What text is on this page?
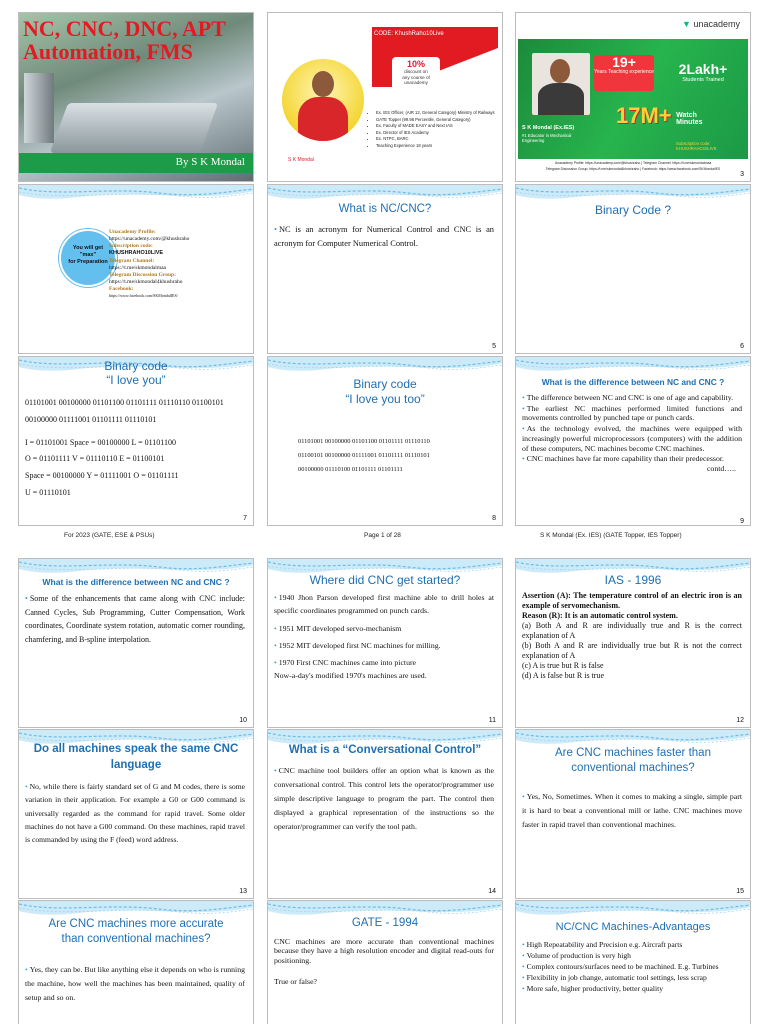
NC, CNC, DNC, APT
Automation, FMS
By S K Mondal
CODE: KhushRaho10Live
10%
discount on
any course of
unacademy
S K Mondal
• Ex. IES Officer, (AIR 12, General Category) Ministry of Railways
• GATE Topper (99.98 Percentile, General Category)
• Ex. Faculty of MADE EASY and Next IAS
• Ex. Director of IES Academy
• Ex. NTPC, BARC
• Teaching Experience 18 years
▼ unacademy
19+
Years Teaching experience	2Lakh+
Students Trained
17M+ Watch Minutes
S K Mondal (Ex.IES)
#1 Educator in Mechanical Engineering
Subscription code: KHUSHRAHO10LIVE
Unacademy Profile: https://unacademy.com/@khushraho | Telegram Channel: https://t.me/skmondalmaa
Telegram Discussion Group: https://t.me/skmondal4khushraho | Facebook: https://www.facebook.com/SKMondalIES
3
You will get
"max"
for Preparation
Unacademy Profile:
https://unacademy.com/@khushraho
Subscription code:
KHUSHRAHO10LIVE
Telegram Channel:
https://t.me/skmondalmaa
Telegram Discussion Group:
https://t.me/skmondal4khushraho
Facebook:
https://www.facebook.com/SKMondalIES/
What is NC/CNC?

• NC is an acronym for Numerical Control and CNC is an acronym for Computer Numerical Control.

5
Binary Code ?
6
Binary code
“I love you”

01101001 00100000 01101100 01101111 01110110 01100101

00100000 01111001 01101111 01110101

I = 01101001 Space = 00100000 L = 01101100

O = 01101111 V = 01110110 E = 01100101

Space = 00100000 Y = 01111001 O = 01101111

U = 01110101

7
Binary code
“I love you too”

01101001 00100000 01101100 01101111 01110110

01100101 00100000 01111001 01101111 01110101

00100000 01110100 01101111 01101111

8
What is the difference between NC and CNC ?

• The difference between NC and CNC is one of age and capability.

• The earliest NC machines performed limited functions and movements controlled by punched tape or punch cards.

• As the technology evolved, the machines were equipped with increasingly powerful microprocessors (computers) with the addition of these computers, NC machines become CNC machines.

• CNC machines have far more capability than their predecessor.

contd…..

9
For 2023 (GATE, ESE & PSUs)	Page 1 of 28	S K Mondal (Ex. IES) (GATE Topper, IES Topper)
What is the difference between NC and CNC ?

• Some of the enhancements that came along with CNC include: Canned Cycles, Sub Programming, Cutter Compensation, Work coordinates, Coordinate system rotation, automatic corner rounding, chamfering, and B-spline interpolation.

10
Where did CNC get started?

• 1940 Jhon Parson developed first machine able to drill holes at specific coordinates programmed on punch cards.

• 1951 MIT developed servo-mechanism

• 1952 MIT developed first NC machines for milling.

• 1970 First CNC machines came into picture

Now-a-day's modified 1970's machines are used.

11
IAS - 1996

Assertion (A): The temperature control of an electric iron is an example of servomechanism.

Reason (R): It is an automatic control system.

(a) Both A and R are individually true and R is the correct explanation of A

(b) Both A and R are individually true but R is not the correct explanation of A

(c) A is true but R is false

(d) A is false but R is true

12
Do all machines speak the same CNC
language

• No, while there is fairly standard set of G and M codes, there is some variation in their application. For example a G0 or G00 command is universally regarded as the command for rapid travel. Some older machines do not have a G00 command. On these machines, rapid travel is commanded by using the F (feed) word address.

13
What is a “Conversational Control”

• CNC machine tool builders offer an option what is known as the conversational control. This control lets the operator/programmer use simple descriptive language to program the part. The control then displayed a graphical representation of the instructions so the operator/programmer can verify the tool path.

14
Are CNC machines faster than
conventional machines?

• Yes, No, Sometimes. When it comes to making a single, simple part it is hard to beat a conventional mill or lathe. CNC machines move faster in rapid travel than conventional machines.

15
Are CNC machines more accurate
than conventional machines?

• Yes, they can be. But like anything else it depends on who is running the machine, how well the machines has been maintained, quality of setup and so on.

GATE - 1994

CNC machines are more accurate than conventional machines because they have a high resolution encoder and digital read-outs for positioning.

True or false?

NC/CNC Machines-Advantages

• High Repeatability and Precision e.g. Aircraft parts

• Volume of production is very high

• Complex contours/surfaces need to be machined. E.g. Turbines

• Flexibility in job change, automatic tool settings, less scrap

• More safe, higher productivity, better quality
